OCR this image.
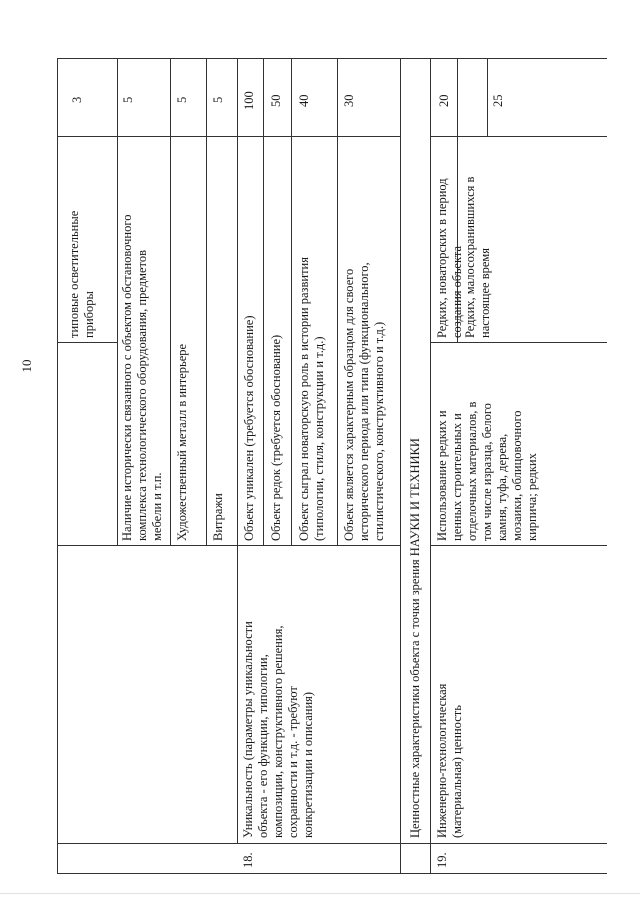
10
типовые осветительные
приборы
3
Наличие исторически связанного с объектом обстановочного
комплекса технологического оборудования, предметов
мебели и т.п.
5
Художественный металл в интерьере
5
Витражи
5
18.
Уникальность (параметры уникальности
объекта - его функции, типологии,
композиции, конструктивного решения,
сохранности и т.д. - требуют
конкретизации и описания)
Объект уникален (требуется обоснование)
100
Объект редок (требуется обоснование)
50
Объект сыграл новаторскую роль в истории развития
(типологии, стиля, конструкции и т.д.)
40
Объект является характерным образцом для своего
исторического периода или типа (функционального,
стилистического, конструктивного и т.д.)
30
Ценностные характеристики объекта с точки зрения НАУКИ И ТЕХНИКИ
19.
Инженерно-технологическая
(материальная) ценность
Использование редких и
ценных строительных и
отделочных материалов, в
том числе изразца, белого
камня, туфа, дерева,
мозаики, облицовочного
кирпича; редких
Редких, новаторских в период
создания объекта
20
Редких, малосохранившихся в
настоящее время
25
